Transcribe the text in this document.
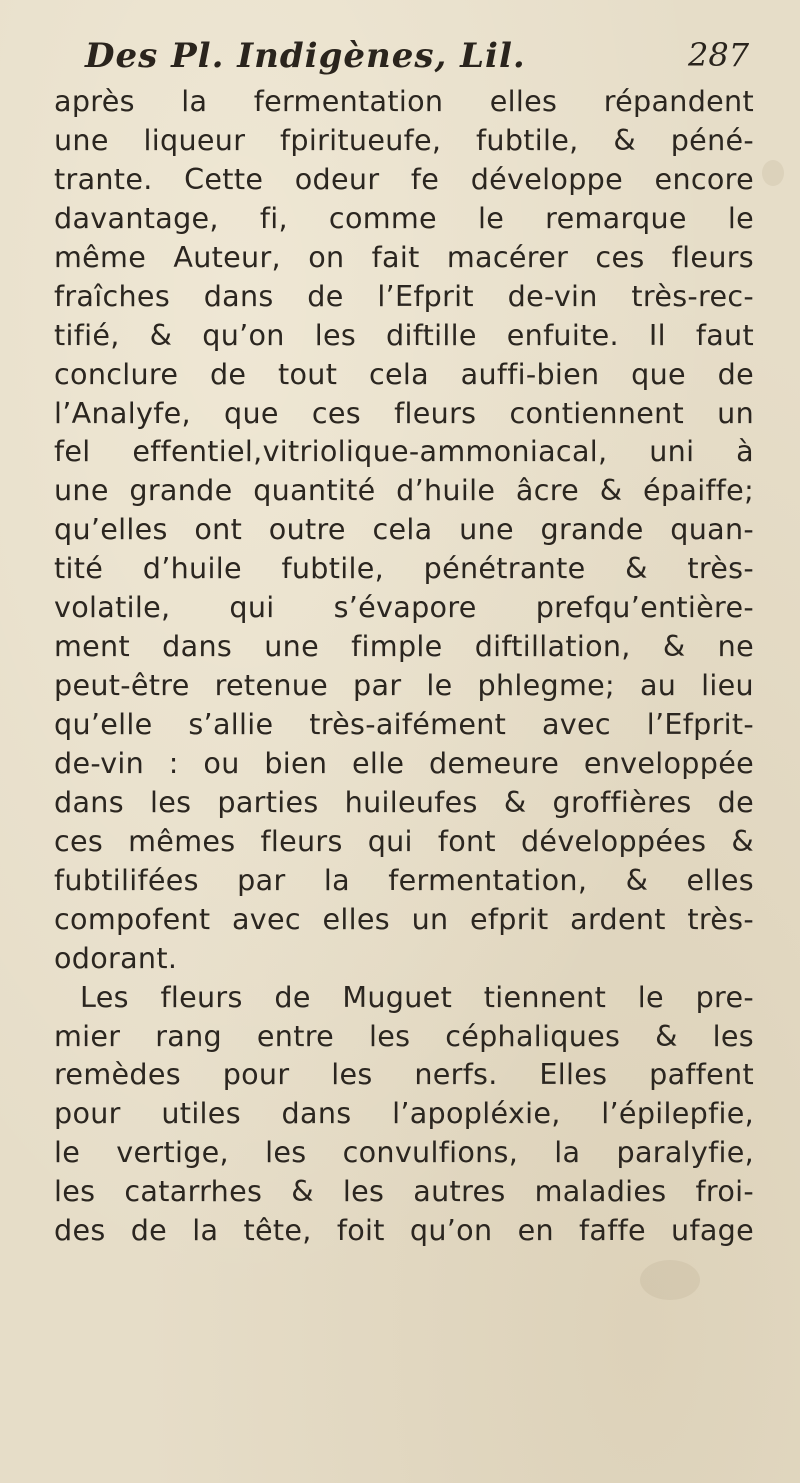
Des Pl. Indigènes, Lil.	287
après la fermentation elles répandent
une liqueur fpiritueufe, fubtile, & péné-
trante. Cette odeur fe développe encore
davantage, fi, comme le remarque le
même Auteur, on fait macérer ces fleurs
fraîches dans de l’Efprit de-vin très-rec-
tifié, & qu’on les diftille enfuite. Il faut
conclure de tout cela auffi-bien que de
l’Analyfe, que ces fleurs contiennent un
fel effentiel,vitriolique-ammoniacal, uni à
une grande quantité d’huile âcre & épaiffe;
qu’elles ont outre cela une grande quan-
tité d’huile fubtile, pénétrante & très-
volatile, qui s’évapore prefqu’entière-
ment dans une fimple diftillation, & ne
peut-être retenue par le phlegme; au lieu
qu’elle s’allie très-aifément avec l’Efprit-
de-vin : ou bien elle demeure enveloppée
dans les parties huileufes & groffières de
ces mêmes fleurs qui font développées &
fubtilifées par la fermentation, & elles
compofent avec elles un efprit ardent très-
odorant.
Les fleurs de Muguet tiennent le pre-
mier rang entre les céphaliques & les
remèdes pour les nerfs. Elles paffent
pour utiles dans l’apopléxie, l’épilepfie,
le vertige, les convulfions, la paralyfie,
les catarrhes & les autres maladies froi-
des de la tête, foit qu’on en faffe ufage
